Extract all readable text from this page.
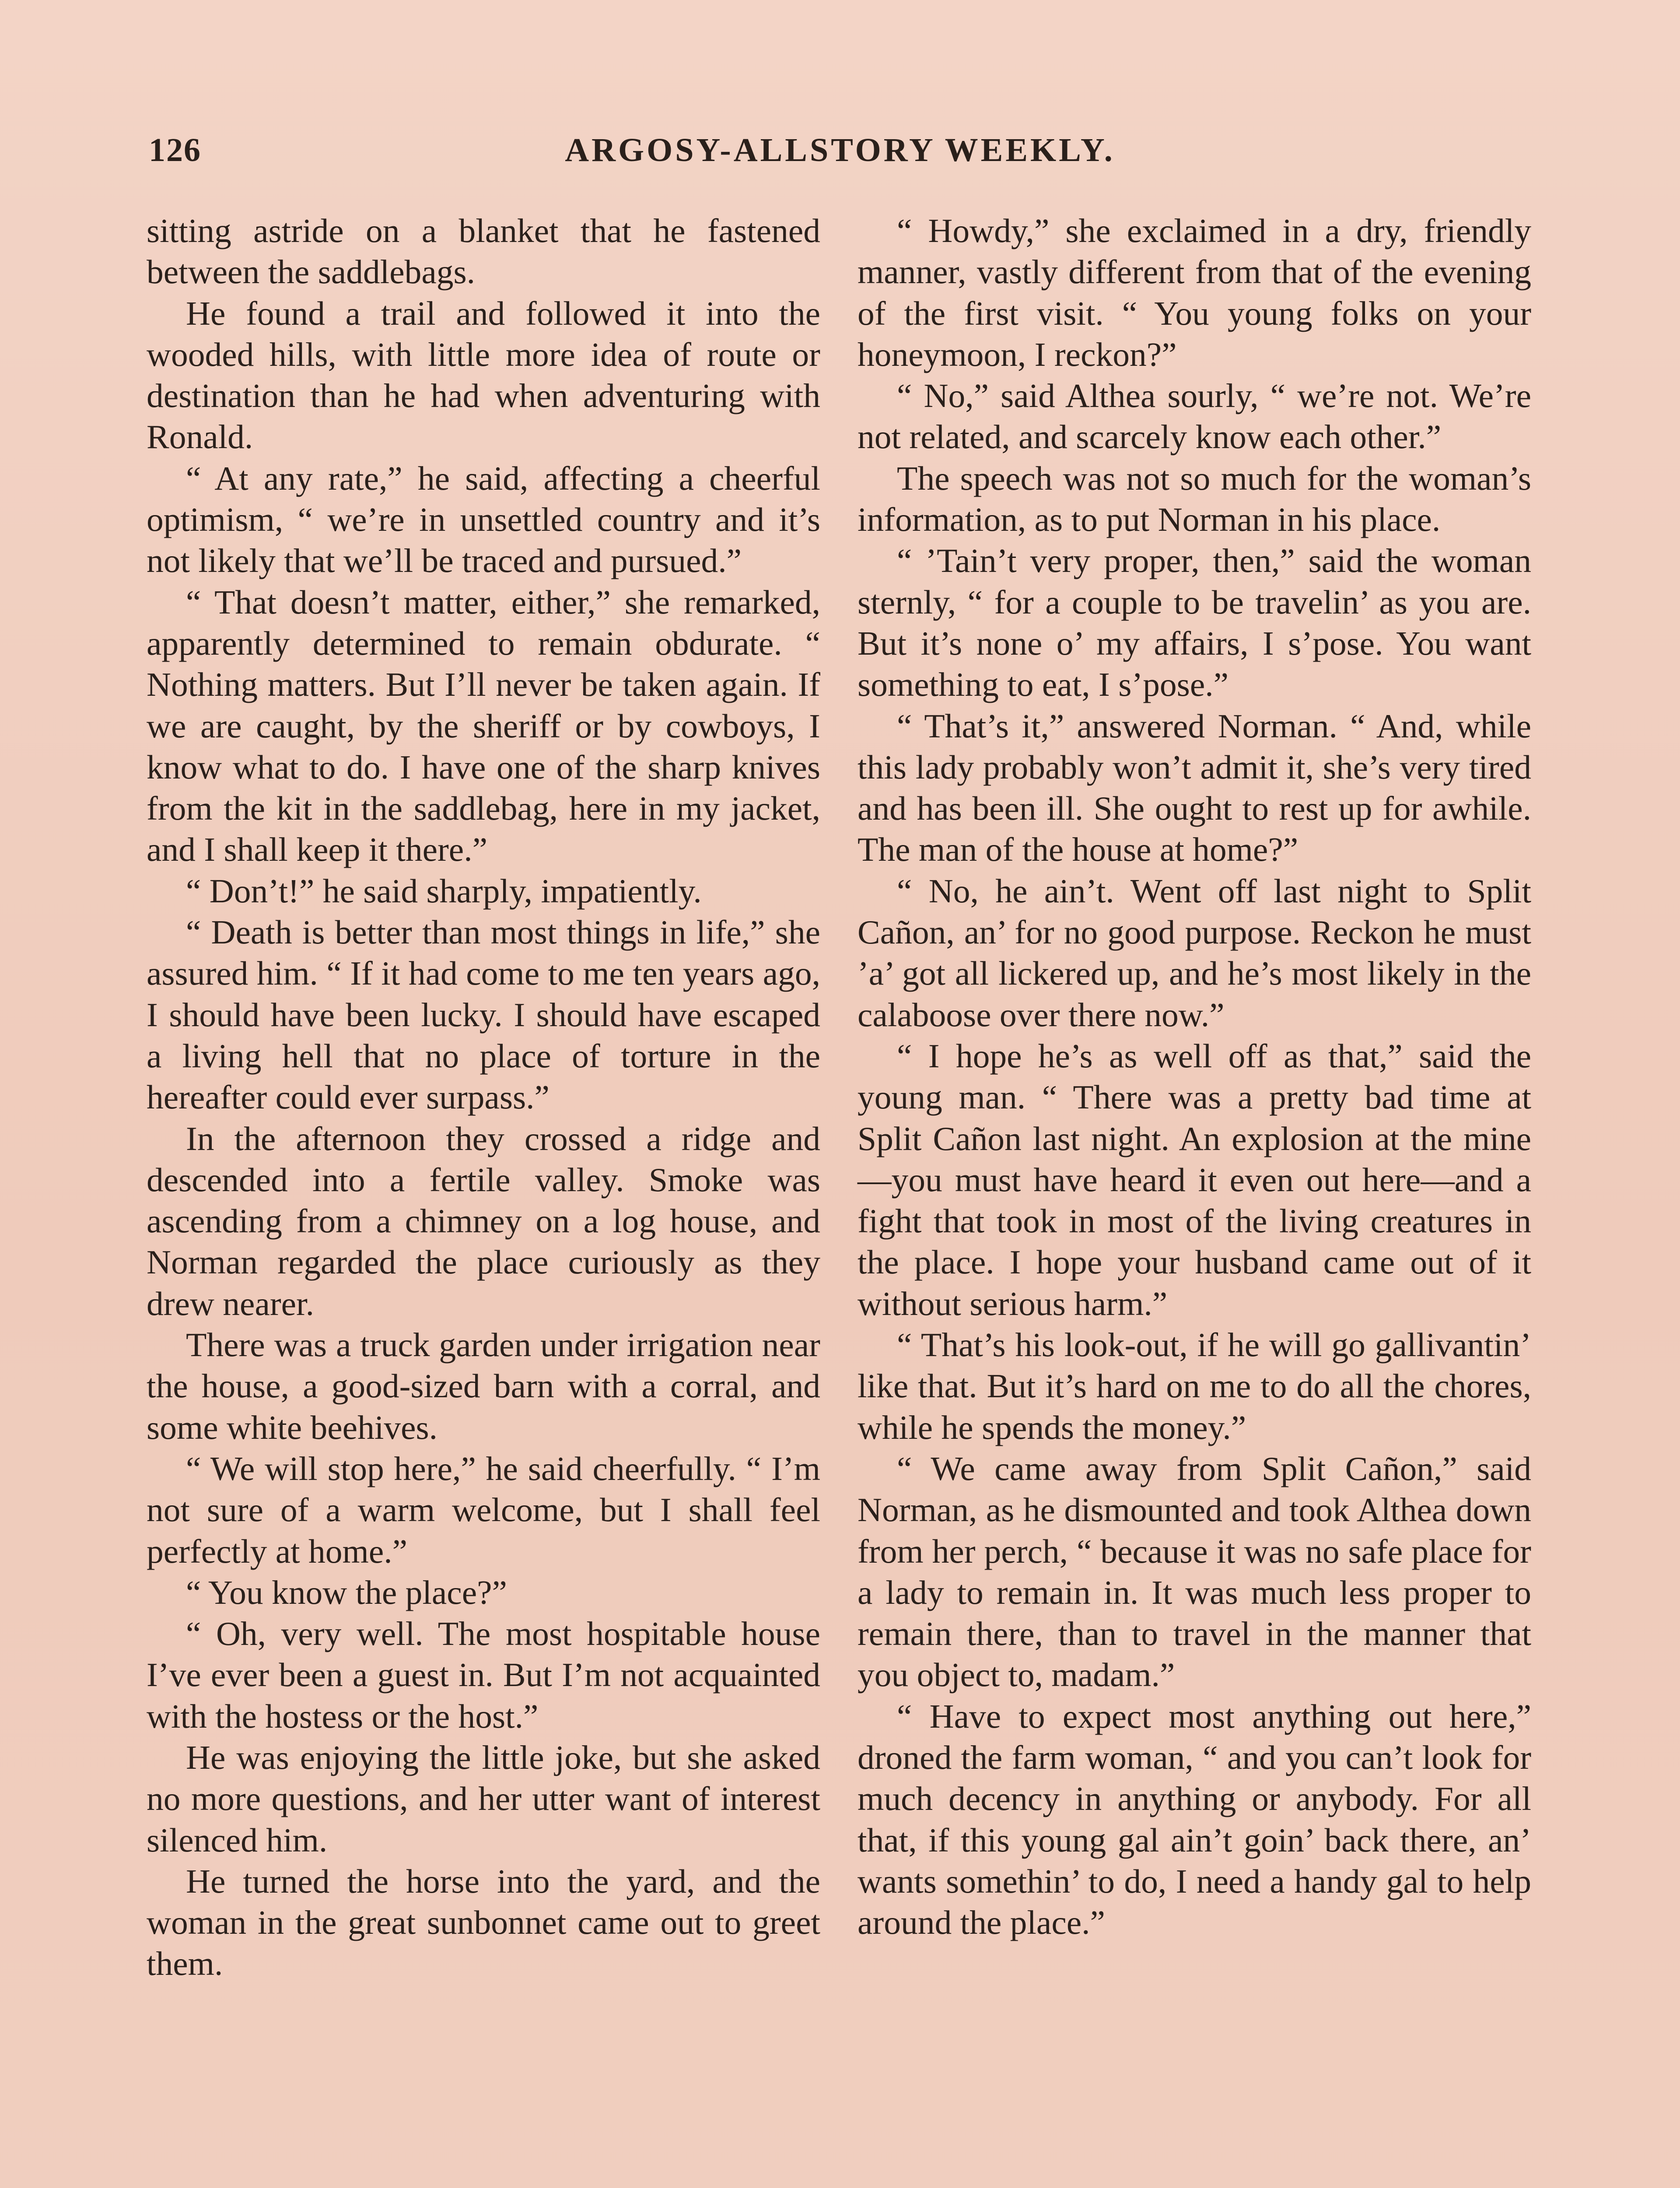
126	ARGOSY-ALLSTORY WEEKLY.

sitting astride on a blanket that he fastened between the saddlebags.

He found a trail and followed it into the wooded hills, with little more idea of route or destination than he had when adventuring with Ronald.

“ At any rate,” he said, affecting a cheerful optimism, “ we’re in unsettled country and it’s not likely that we’ll be traced and pursued.”

“ That doesn’t matter, either,” she remarked, apparently determined to remain obdurate. “ Nothing matters. But I’ll never be taken again. If we are caught, by the sheriff or by cowboys, I know what to do. I have one of the sharp knives from the kit in the saddlebag, here in my jacket, and I shall keep it there.”

“ Don’t!” he said sharply, impatiently.

“ Death is better than most things in life,” she assured him. “ If it had come to me ten years ago, I should have been lucky. I should have escaped a living hell that no place of torture in the hereafter could ever surpass.”

In the afternoon they crossed a ridge and descended into a fertile valley. Smoke was ascending from a chimney on a log house, and Norman regarded the place curiously as they drew nearer.

There was a truck garden under irrigation near the house, a good-sized barn with a corral, and some white beehives.

“ We will stop here,” he said cheerfully. “ I’m not sure of a warm welcome, but I shall feel perfectly at home.”

“ You know the place?”

“ Oh, very well. The most hospitable house I’ve ever been a guest in. But I’m not acquainted with the hostess or the host.”

He was enjoying the little joke, but she asked no more questions, and her utter want of interest silenced him.

He turned the horse into the yard, and the woman in the great sunbonnet came out to greet them.

“ Howdy,” she exclaimed in a dry, friendly manner, vastly different from that of the evening of the first visit. “ You young folks on your honeymoon, I reckon?”

“ No,” said Althea sourly, “ we’re not. We’re not related, and scarcely know each other.”

The speech was not so much for the woman’s information, as to put Norman in his place.

“ ’Tain’t very proper, then,” said the woman sternly, “ for a couple to be travelin’ as you are. But it’s none o’ my affairs, I s’pose. You want something to eat, I s’pose.”

“ That’s it,” answered Norman. “ And, while this lady probably won’t admit it, she’s very tired and has been ill. She ought to rest up for awhile. The man of the house at home?”

“ No, he ain’t. Went off last night to Split Cañon, an’ for no good purpose. Reckon he must ’a’ got all lickered up, and he’s most likely in the calaboose over there now.”

“ I hope he’s as well off as that,” said the young man. “ There was a pretty bad time at Split Cañon last night. An explosion at the mine—you must have heard it even out here—and a fight that took in most of the living creatures in the place. I hope your husband came out of it without serious harm.”

“ That’s his look-out, if he will go gallivantin’ like that. But it’s hard on me to do all the chores, while he spends the money.”

“ We came away from Split Cañon,” said Norman, as he dismounted and took Althea down from her perch, “ because it was no safe place for a lady to remain in. It was much less proper to remain there, than to travel in the manner that you object to, madam.”

“ Have to expect most anything out here,” droned the farm woman, “ and you can’t look for much decency in anything or anybody. For all that, if this young gal ain’t goin’ back there, an’ wants somethin’ to do, I need a handy gal to help around the place.”
